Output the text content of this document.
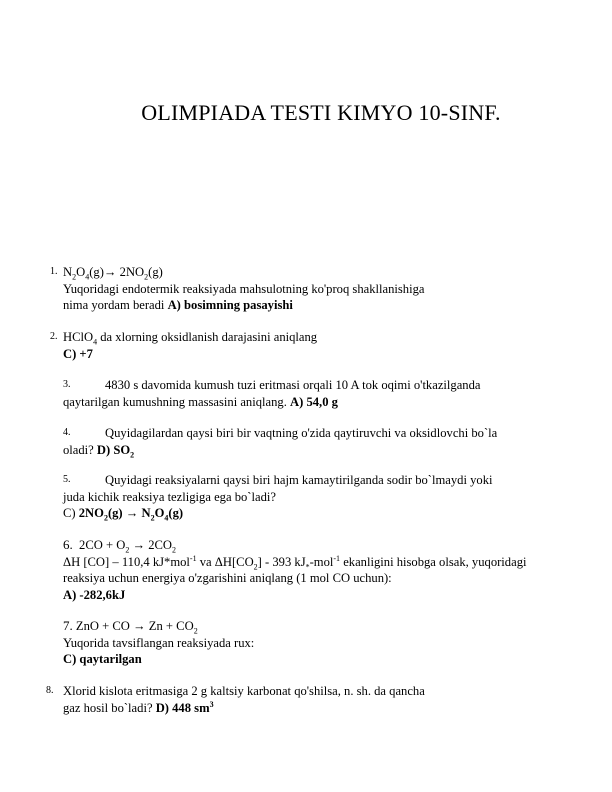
OLIMPIADA TESTI KIMYO 10-SINF.
1. $N_2O_4(g)\to 2NO_2(g)$
Yuqoridagi endotermik reaksiyada mahsulotning ko'proq shakllanishiga
nima yordam beradi A) bosimning pasayishi
2. HClO$_4$ da xlorning oksidlanish darajasini aniqlang
C) +7
3.	4830 s davomida kumush tuzi eritmasi orqali 10 A tok oqimi o'tkazilganda
qaytarilgan kumushning massasini aniqlang. A) 54,0 g
4.	Quyidagilardan qaysi biri bir vaqtning o'zida qaytiruvchi va oksidlovchi bo`la
oladi? D) $SO_2$
5.	Quyidagi reaksiyalarni qaysi biri hajm kamaytirilganda sodir bo`lmaydi yoki
juda kichik reaksiya tezligiga ega bo`ladi?
C) $2NO_2(g) \to N_2O_4(g)$
6. $2CO + O_2 \to 2CO_2$
ΔH [CO] – 110,4 kJ*mol$^{-1}$ va $\Delta H[CO_2] - 393$ $kJ_*-mol^{-1}$ ekanligini hisobga olsak, yuqoridagi
reaksiya uchun energiya o'zgarishini aniqlang (1 mol CO uchun):
A) -282,6kJ
7. ZnO + CO → $Zn + CO_2$
Yuqorida tavsiflangan reaksiyada rux:
C) qaytarilgan
8. Xlorid kislota eritmasiga 2 g kaltsiy karbonat qo'shilsa, n. sh. da qancha
gaz hosil bo`ladi? D) 448 $sm^3$
